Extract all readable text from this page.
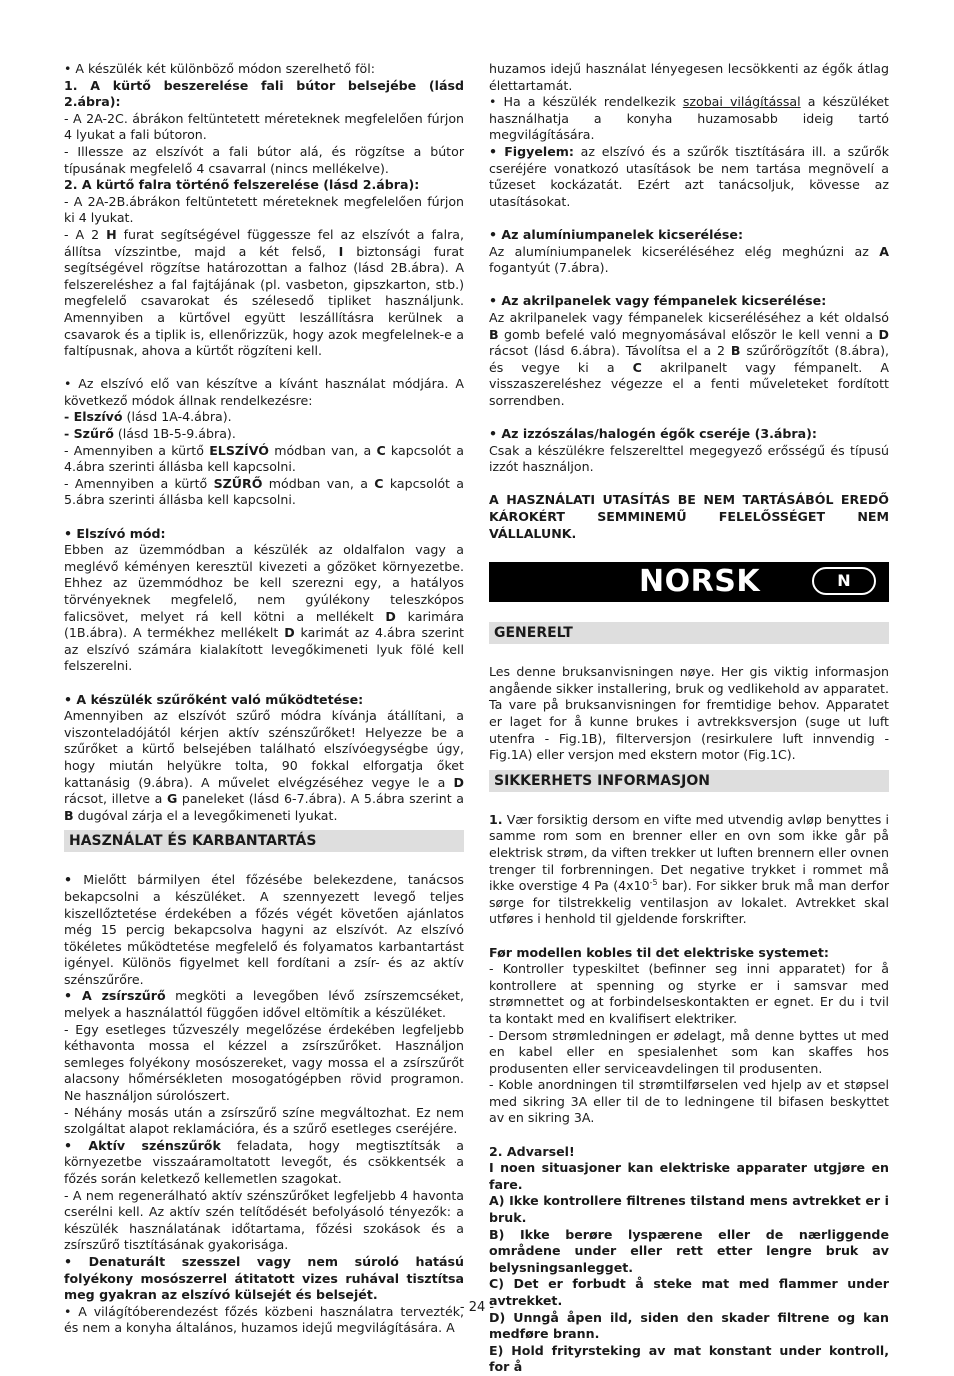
• A készülék két különböző módon szerelhető föl:

1. A kürtő beszerelése fali bútor belsejébe (lásd 2.ábra):

- A 2A-2C. ábrákon feltüntetett méreteknek megfelelően fúrjon 4 lyukat a fali bútoron.

- Illessze az elszívót a fali bútor alá, és rögzítse a bútor típusának megfelelő 4 csavarral (nincs mellékelve).

2. A kürtő falra történő felszerelése (lásd 2.ábra):

- A 2A-2B.ábrákon feltüntetett méreteknek megfelelően fúrjon ki 4 lyukat.

- A 2 H furat segítségével függessze fel az elszívót a falra, állítsa vízszintbe, majd a két felső, I biztonsági furat segítségével rögzítse határozottan a falhoz (lásd 2B.ábra). A felszereléshez a fal fajtájának (pl. vasbeton, gipszkarton, stb.) megfelelő csavarokat és szélesedő tipliket használjunk. Amennyiben a kürtővel együtt leszállításra kerülnek a csavarok és a tiplik is, ellenőrizzük, hogy azok megfelelnek-e a faltípusnak, ahova a kürtőt rögzíteni kell.

• Az elszívó elő van készítve a kívánt használat módjára. A következő módok állnak rendelkezésre:

- Elszívó (lásd 1A-4.ábra).

- Szűrő (lásd 1B-5-9.ábra).

- Amennyiben a kürtő ELSZÍVÓ módban van, a C kapcsolót a 4.ábra szerinti állásba kell kapcsolni.

- Amennyiben a kürtő SZŰRŐ módban van, a C kapcsolót a 5.ábra szerinti állásba kell kapcsolni.

• Elszívó mód:

Ebben az üzemmódban a készülék az oldalfalon vagy a meglévő kéményen keresztül kivezeti a gőzöket környezetbe. Ehhez az üzemmódhoz be kell szerezni egy, a hatályos törvényeknek megfelelő, nem gyúlékony teleszkópos falicsövet, melyet rá kell kötni a mellékelt D karimára (1B.ábra). A termékhez mellékelt D karimát az 4.ábra szerint az elszívó számára kialakított levegőkimeneti lyuk fölé kell felszerelni.

• A készülék szűrőként való működtetése:

Amennyiben az elszívót szűrő módra kívánja átállítani, a viszonteladójától kérjen aktív szénszűrőket! Helyezze be a szűrőket a kürtő belsejében található elszívóegységbe úgy, hogy miután helyükre tolta, 90 fokkal elforgatja őket kattanásig (9.ábra). A művelet elvégzéséhez vegye le a D rácsot, illetve a G paneleket (lásd 6-7.ábra). A 5.ábra szerint a B dugóval zárja el a levegőkimeneti lyukat.

HASZNÁLAT ÉS KARBANTARTÁS

• Mielőtt bármilyen étel főzésébe belekezdene, tanácsos bekapcsolni a készüléket. A szennyezett levegő teljes kiszellőztetése érdekében a főzés végét követően ajánlatos még 15 percig bekapcsolva hagyni az elszívót. Az elszívó tökéletes működtetése megfelelő és folyamatos karbantartást igényel. Különös figyelmet kell fordítani a zsír- és az aktív szénszűrőre.

• A zsírszűrő megköti a levegőben lévő zsírszemcséket, melyek a használattól függően idővel eltömítik a készüléket.

- Egy esetleges tűzveszély megelőzése érdekében legfeljebb kéthavonta mossa el kézzel a zsírszűrőket. Használjon semleges folyékony mosószereket, vagy mossa el a zsírszűrőt alacsony hőmérsékleten mosogatógépben rövid programon. Ne használjon súrolószert.

- Néhány mosás után a zsírszűrő színe megváltozhat. Ez nem szolgáltat alapot reklamációra, és a szűrő esetleges cseréjére.

• Aktív szénszűrők feladata, hogy megtisztítsák a környezetbe visszaáramoltatott levegőt, és csökkentsék a főzés során keletkező kellemetlen szagokat.

- A nem regenerálható aktív szénszűrőket legfeljebb 4 havonta cserélni kell. Az aktív szén telítődését befolyásoló tényezők: a készülék használatának időtartama, főzési szokások és a zsírszűrő tisztításának gyakorisága.

• Denaturált szesszel vagy nem súroló hatású folyékony mosószerrel átitatott vizes ruhával tisztítsa meg gyakran az elszívó külsejét és belsejét.

• A világítóberendezést főzés közbeni használatra tervezték, és nem a konyha általános, huzamos idejű megvilágítására. A

huzamos idejű használat lényegesen lecsökkenti az égők átlag élettartamát.

• Ha a készülék rendelkezik szobai világítással a készüléket használhatja a konyha huzamosabb ideig tartó megvilágítására.

• Figyelem: az elszívó és a szűrők tisztítására ill. a szűrők cseréjére vonatkozó utasítások be nem tartása megnövelí a tűzeset kockázatát. Ezért azt tanácsoljuk, kövesse az utasításokat.

• Az alumíniumpanelek kicserélése:

Az alumíniumpanelek kicseréléséhez elég meghúzni az A fogantyút (7.ábra).

• Az akrilpanelek vagy fémpanelek kicserélése:

Az akrilpanelek vagy fémpanelek kicseréléséhez a két oldalsó B gomb befelé való megnyomásával először le kell venni a D rácsot (lásd 6.ábra). Távolítsa el a 2 B szűrőrögzítőt (8.ábra), és vegye ki a C akrilpanelt vagy fémpanelt. A visszaszereléshez végezze el a fenti műveleteket fordított sorrendben.

• Az izzószálas/halogén égők cseréje (3.ábra):

Csak a készülékre felszerelttel megegyező erősségű és típusú izzót használjon.

A HASZNÁLATI UTASÍTÁS BE NEM TARTÁSÁBÓL EREDŐ KÁROKÉRT SEMMINEMŰ FELELŐSSÉGET NEM VÁLLALUNK.

NORSK	N

GENERELT

Les denne bruksanvisningen nøye. Her gis viktig informasjon angående sikker installering, bruk og vedlikehold av apparatet. Ta vare på bruksanvisningen for fremtidige behov. Apparatet er laget for å kunne brukes i avtrekksversjon (suge ut luft utenfra - Fig.1B), filterversjon (resirkulere luft innvendig - Fig.1A) eller versjon med ekstern motor (Fig.1C).

SIKKERHETS INFORMASJON

1. Vær forsiktig dersom en vifte med utvendig avløp benyttes i samme rom som en brenner eller en ovn som ikke går på elektrisk strøm, da viften trekker ut luften brennern eller ovnen trenger til forbrenningen. Det negative trykket i rommet må ikke overstige 4 Pa ($4x10^{-5}$ bar). For sikker bruk må man derfor sørge for tilstrekkelig ventilasjon av lokalet. Avtrekket skal utføres i henhold til gjeldende forskrifter.

Før modellen kobles til det elektriske systemet:

- Kontroller typeskiltet (befinner seg inni apparatet) for å kontrollere at spenning og styrke er i samsvar med strømnettet og at forbindelseskontakten er egnet. Er du i tvil ta kontakt med en kvalifisert elektriker.

- Dersom strømledningen er ødelagt, må denne byttes ut med en kabel eller en spesialenhet som kan skaffes hos produsenten eller serviceavdelingen til produsenten.

- Koble anordningen til strømtilførselen ved hjelp av et støpsel med sikring 3A eller til de to ledningene til bifasen beskyttet av en sikring 3A.

2. Advarsel!

I noen situasjoner kan elektriske apparater utgjøre en fare.

A) Ikke kontrollere filtrenes tilstand mens avtrekket er i bruk.

B) Ikke berøre lyspærene eller de nærliggende områdene under eller rett etter lengre bruk av belysningsanlegget.

C) Det er forbudt å steke mat med flammer under avtrekket.

D) Unngå åpen ild, siden den skader filtrene og kan medføre brann.

E) Hold frityrsteking av mat konstant under kontroll, for å

- 24 -
